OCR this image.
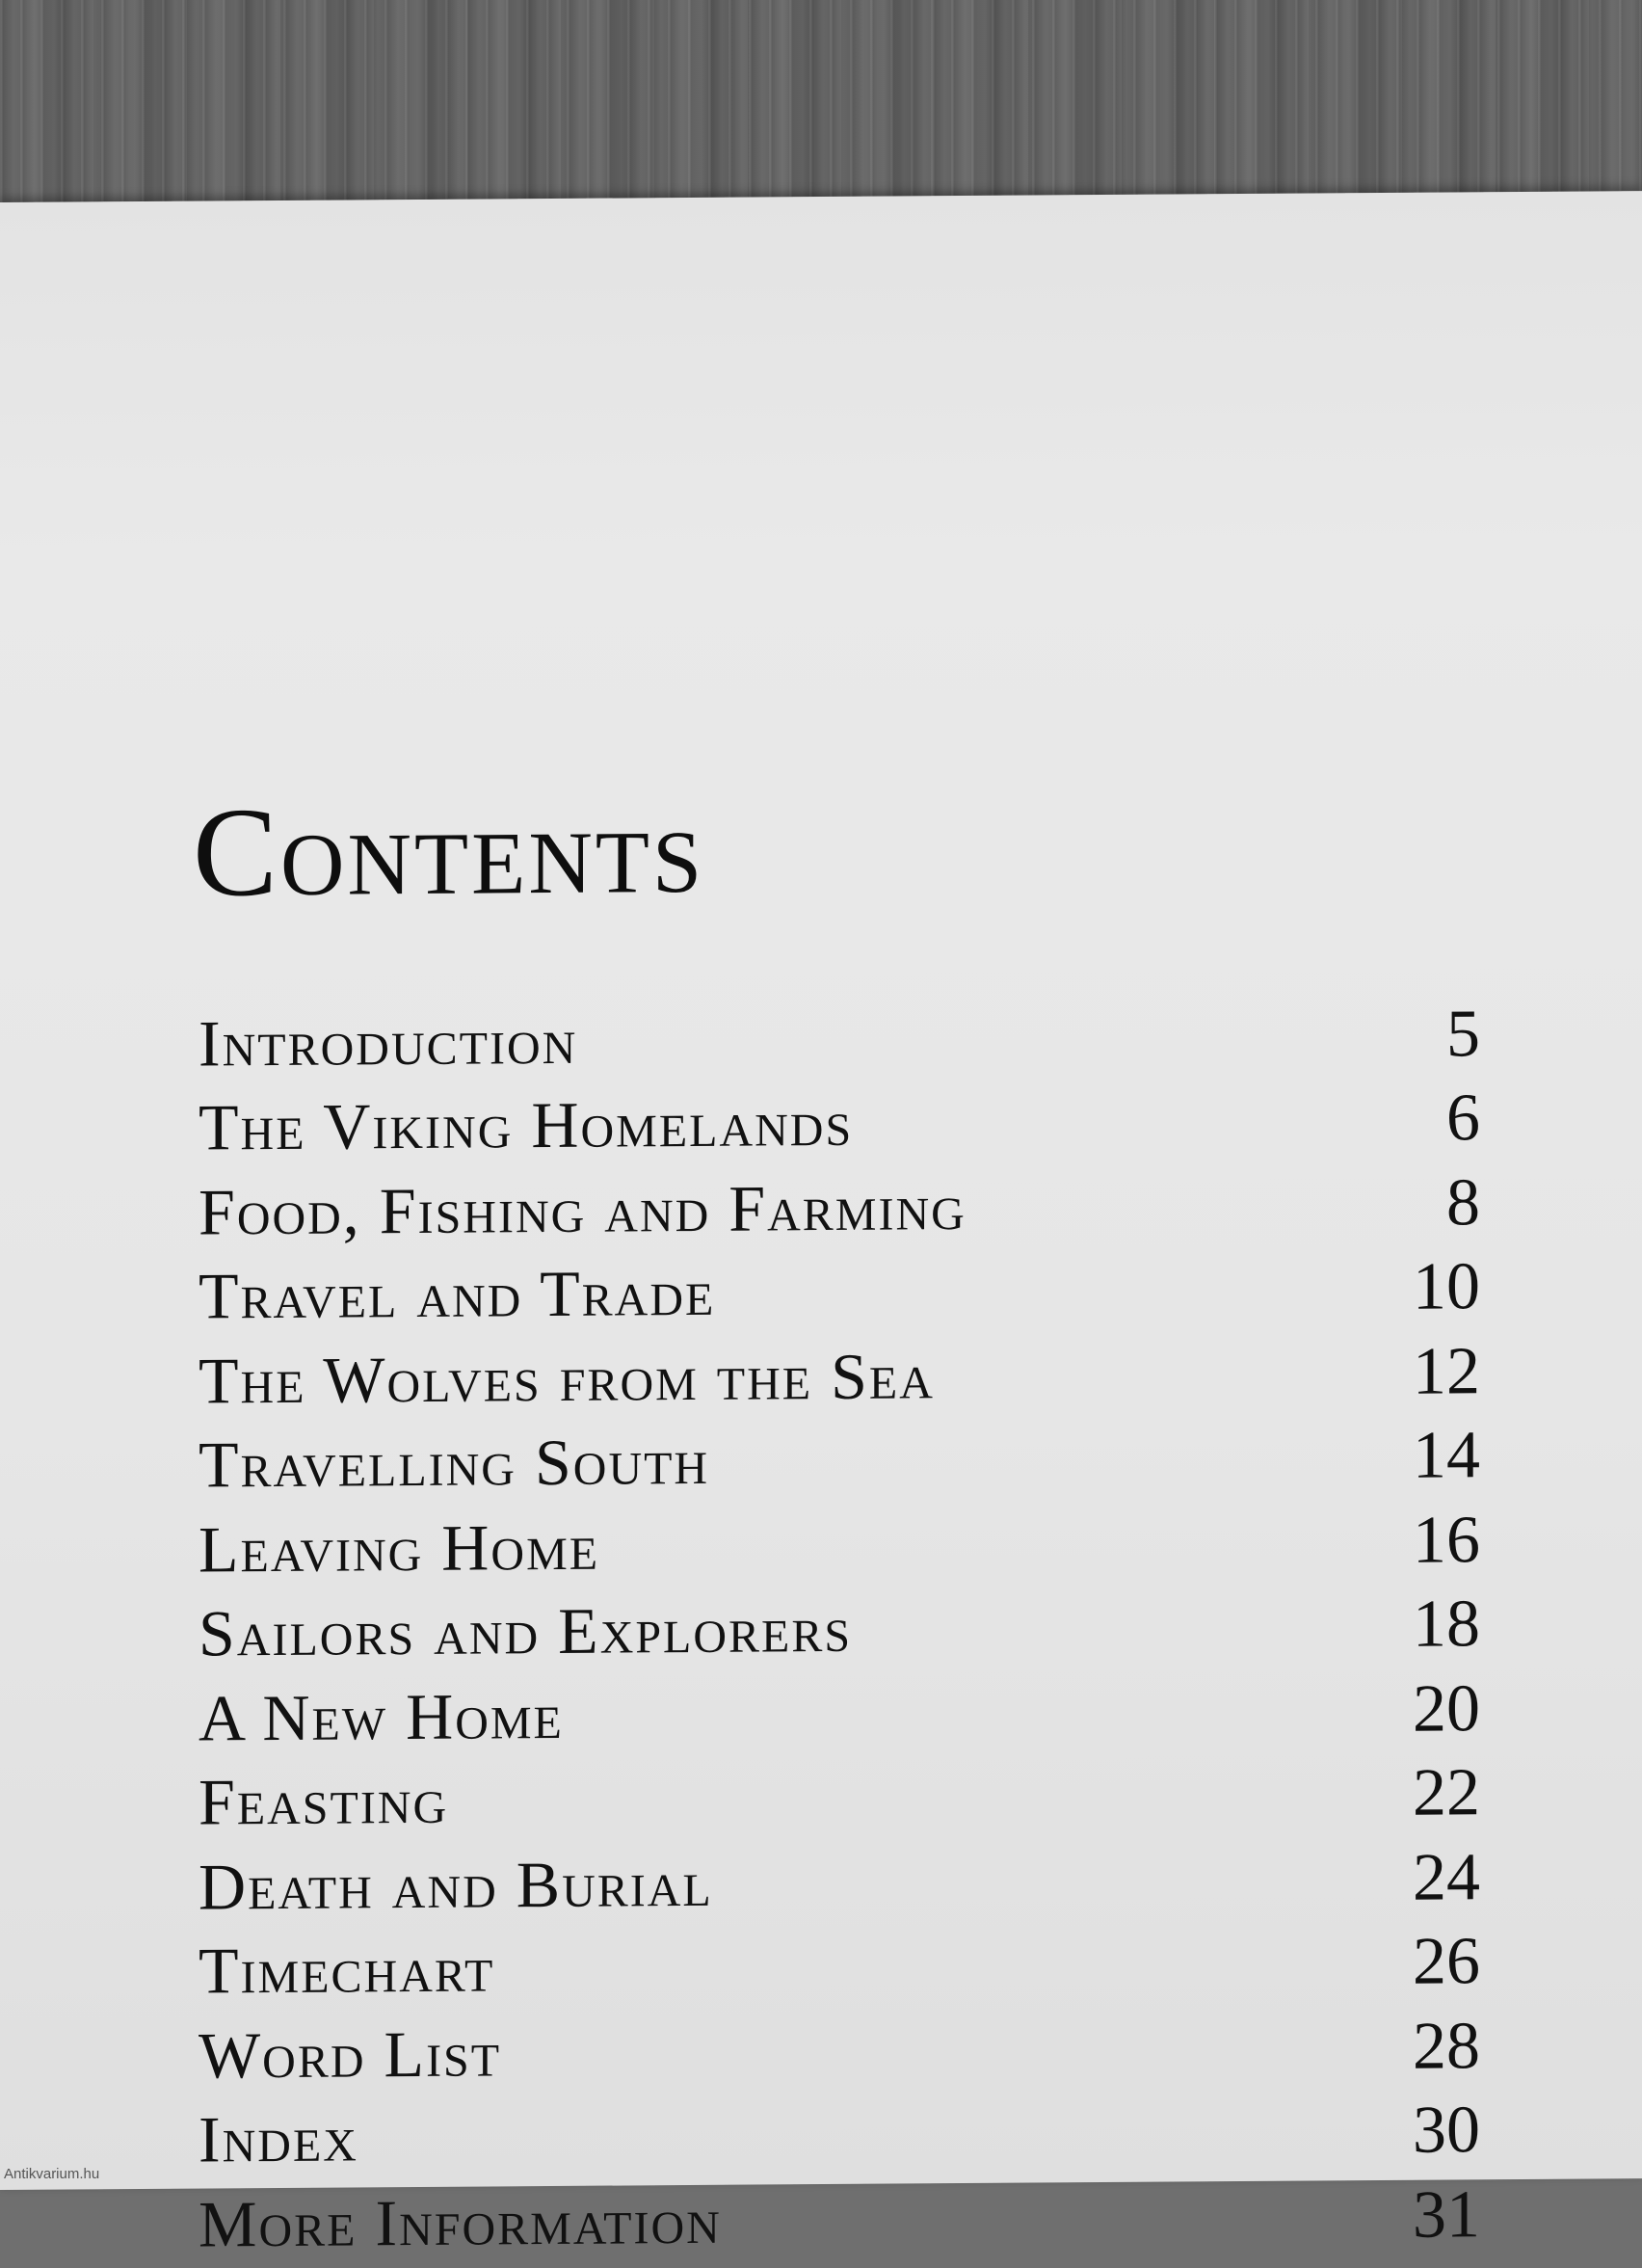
Contents
Introduction	5
The Viking Homelands	6
Food, Fishing and Farming	8
Travel and Trade	10
The Wolves from the Sea	12
Travelling South	14
Leaving Home	16
Sailors and Explorers	18
A New Home	20
Feasting	22
Death and Burial	24
Timechart	26
Word List	28
Index	30
More Information	31
Antikvarium.hu
